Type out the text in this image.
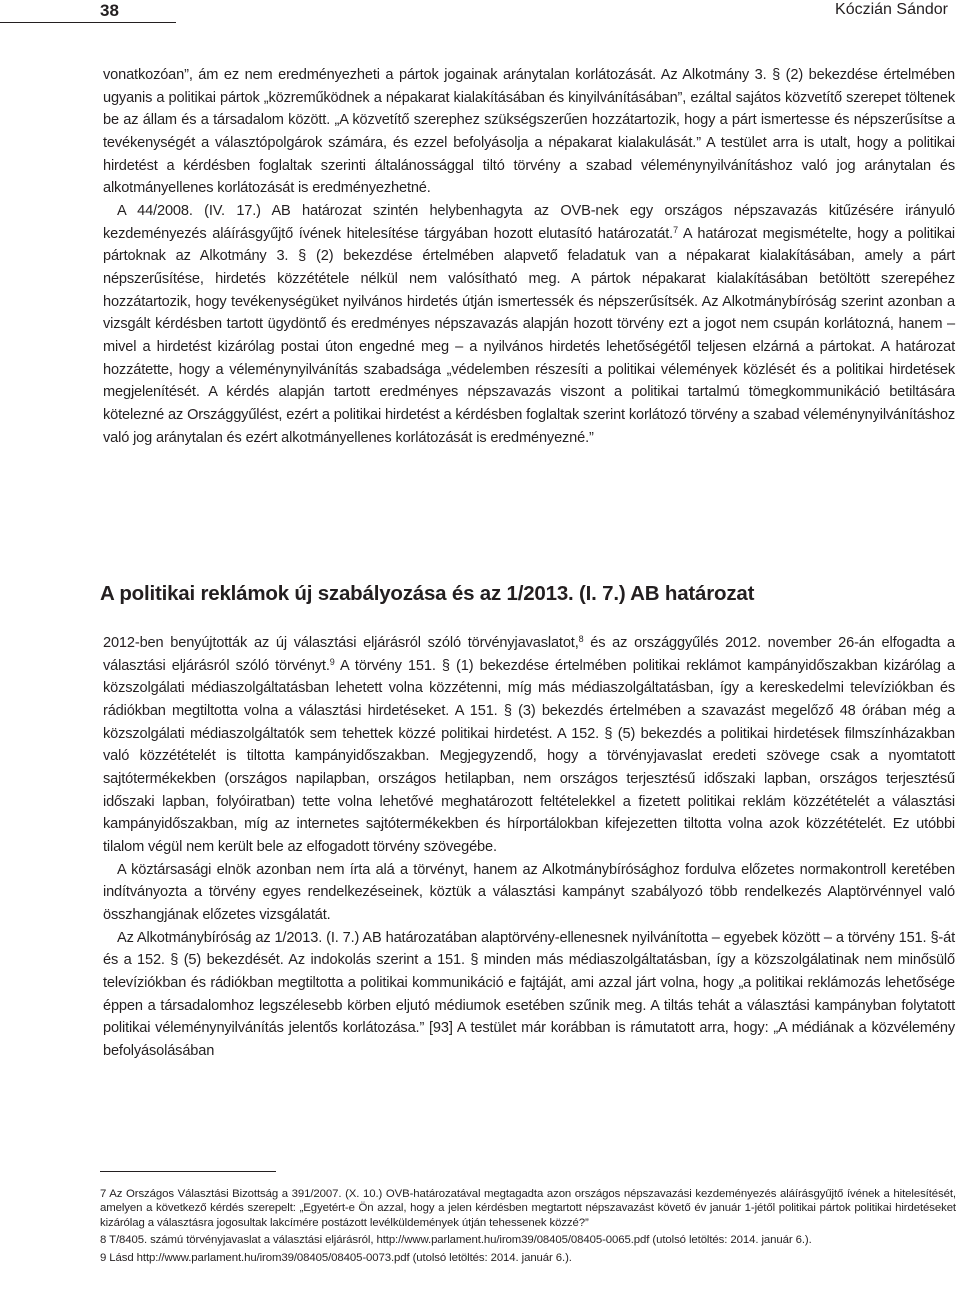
38	Kóczián Sándor

vonatkozóan”, ám ez nem eredményezheti a pártok jogainak aránytalan korlátozását. Az Alkotmány 3. § (2) bekezdése értelmében ugyanis a politikai pártok „közreműködnek a népakarat kialakításában és kinyilvánításában”, ezáltal sajátos közvetítő szerepet töltenek be az állam és a társadalom között. „A közvetítő szerephez szükségszerűen hozzátartozik, hogy a párt ismertesse és népszerűsítse a tevékenységét a választópolgárok számára, és ezzel befolyásolja a népakarat kialakulását.” A testület arra is utalt, hogy a politikai hirdetést a kérdésben foglaltak szerinti általánossággal tiltó törvény a szabad véleménynyilvánításhoz való jog aránytalan és alkotmányellenes korlátozását is eredményezhetné.

A 44/2008. (IV. 17.) AB határozat szintén helybenhagyta az OVB-nek egy országos népszavazás kitűzésére irányuló kezdeményezés aláírásgyűjtő ívének hitelesítése tárgyában hozott elutasító határozatát.$^7$ A határozat megismételte, hogy a politikai pártoknak az Alkotmány 3. § (2) bekezdése értelmében alapvető feladatuk van a népakarat kialakításában, amely a párt népszerűsítése, hirdetés közzététele nélkül nem valósítható meg. A pártok népakarat kialakításában betöltött szerepéhez hozzátartozik, hogy tevékenységüket nyilvános hirdetés útján ismertessék és népszerűsítsék. Az Alkotmánybíróság szerint azonban a vizsgált kérdésben tartott ügydöntő és eredményes népszavazás alapján hozott törvény ezt a jogot nem csupán korlátozná, hanem – mivel a hirdetést kizárólag postai úton engedné meg – a nyilvános hirdetés lehetőségétől teljesen elzárná a pártokat. A határozat hozzátette, hogy a véleménynyilvánítás szabadsága „védelemben részesíti a politikai vélemények közlését és a politikai hirdetések megjelenítését. A kérdés alapján tartott eredményes népszavazás viszont a politikai tartalmú tömegkommunikáció betiltására kötelezné az Országgyűlést, ezért a politikai hirdetést a kérdésben foglaltak szerint korlátozó törvény a szabad véleménynyilvánításhoz való jog aránytalan és ezért alkotmányellenes korlátozását is eredményezné.”

A politikai reklámok új szabályozása és az 1/2013. (I. 7.) AB határozat

2012-ben benyújtották az új választási eljárásról szóló törvényjavaslatot,$^8$ és az országgyűlés 2012. november 26-án elfogadta a választási eljárásról szóló törvényt.$^9$ A törvény 151. § (1) bekezdése értelmében politikai reklámot kampányidőszakban kizárólag a közszolgálati médiaszolgáltatásban lehetett volna közzétenni, míg más médiaszolgáltatásban, így a kereskedelmi televíziókban és rádiókban megtiltotta volna a választási hirdetéseket. A 151. § (3) bekezdés értelmében a szavazást megelőző 48 órában még a közszolgálati médiaszolgáltatók sem tehettek közzé politikai hirdetést. A 152. § (5) bekezdés a politikai hirdetések filmszínházakban való közzétételét is tiltotta kampányidőszakban. Megjegyzendő, hogy a törvényjavaslat eredeti szövege csak a nyomtatott sajtótermékekben (országos napilapban, országos hetilapban, nem országos terjesztésű időszaki lapban, országos terjesztésű időszaki lapban, folyóiratban) tette volna lehetővé meghatározott feltételekkel a fizetett politikai reklám közzétételét a választási kampányidőszakban, míg az internetes sajtótermékekben és hírportálokban kifejezetten tiltotta volna azok közzétételét. Ez utóbbi tilalom végül nem került bele az elfogadott törvény szövegébe.

A köztársasági elnök azonban nem írta alá a törvényt, hanem az Alkotmánybírósághoz fordulva előzetes normakontroll keretében indítványozta a törvény egyes rendelkezéseinek, köztük a választási kampányt szabályozó több rendelkezés Alaptörvénnyel való összhangjának előzetes vizsgálatát.

Az Alkotmánybíróság az 1/2013. (I. 7.) AB határozatában alaptörvény-ellenesnek nyilvánította – egyebek között – a törvény 151. §-át és a 152. § (5) bekezdését. Az indokolás szerint a 151. § minden más médiaszolgáltatásban, így a közszolgálatinak nem minősülő televíziókban és rádiókban megtiltotta a politikai kommunikáció e fajtáját, ami azzal járt volna, hogy „a politikai reklámozás lehetősége éppen a társadalomhoz legszélesebb körben eljutó médiumok esetében szűnik meg. A tiltás tehát a választási kampányban folytatott politikai véleménynyilvánítás jelentős korlátozása.” [93] A testület már korábban is rámutatott arra, hogy: „A médiának a közvélemény befolyásolásában

7 Az Országos Választási Bizottság a 391/2007. (X. 10.) OVB-határozatával megtagadta azon országos népszavazási kezdeményezés aláírásgyűjtő ívének a hitelesítését, amelyen a következő kérdés szerepelt: „Egyetért-e Ön azzal, hogy a jelen kérdésben megtartott népszavazást követő év január 1-jétől politikai pártok politikai hirdetéseket kizárólag a választásra jogosultak lakcímére postázott levélküldemények útján tehessenek közzé?”

8 T/8405. számú törvényjavaslat a választási eljárásról, http://www.parlament.hu/irom39/08405/08405-0065.pdf (utolsó letöltés: 2014. január 6.).

9 Lásd http://www.parlament.hu/irom39/08405/08405-0073.pdf (utolsó letöltés: 2014. január 6.).
